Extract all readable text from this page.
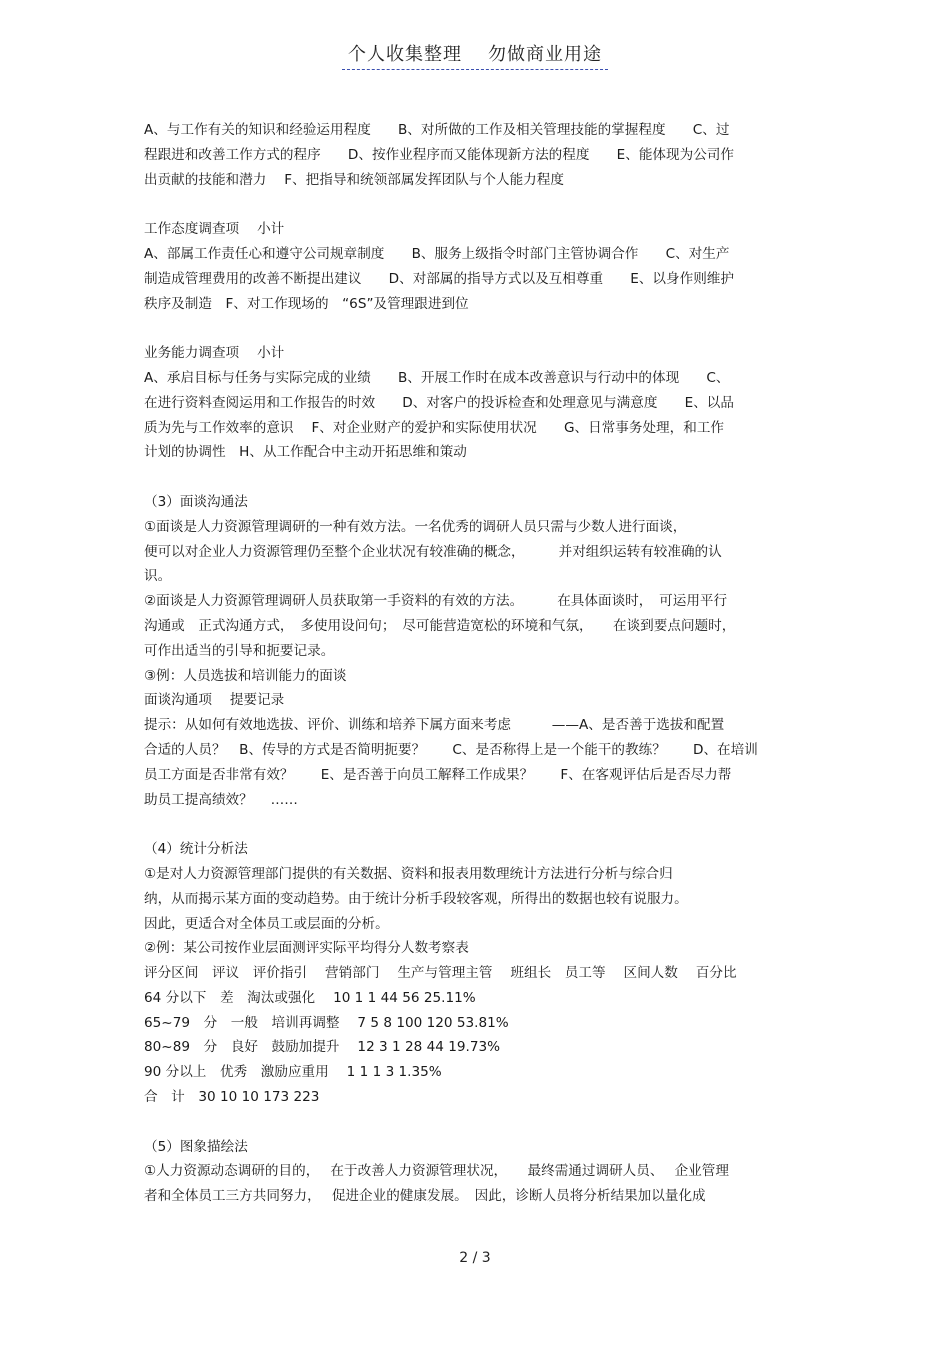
个人收集整理 勿做商业用途

A、与工作有关的知识和经验运用程度　　B、对所做的工作及相关管理技能的掌握程度　　C、过

程跟进和改善工作方式的程序　　D、按作业程序而又能体现新方法的程度　　E、能体现为公司作

出贡献的技能和潜力　 F、把指导和统领部属发挥团队与个人能力程度

工作态度调查项　 小计

A、部属工作责任心和遵守公司规章制度　　B、服务上级指令时部门主管协调合作　　C、对生产

制造成管理费用的改善不断提出建议　　D、对部属的指导方式以及互相尊重　　E、以身作则维护

秩序及制造　F、对工作现场的　“6S”及管理跟进到位

业务能力调查项　 小计

A、承启目标与任务与实际完成的业绩　　B、开展工作时在成本改善意识与行动中的体现　　C、

在进行资料查阅运用和工作报告的时效　　D、对客户的投诉检查和处理意见与满意度　　E、以品

质为先与工作效率的意识　 F、对企业财产的爱护和实际使用状况　　G、日常事务处理，和工作

计划的协调性　H、从工作配合中主动开拓思维和策动

（3）面谈沟通法

①面谈是人力资源管理调研的一种有效方法。一名优秀的调研人员只需与少数人进行面谈，

便可以对企业人力资源管理仍至整个企业状况有较准确的概念，　　　并对组织运转有较准确的认

识。

②面谈是人力资源管理调研人员获取第一手资料的有效的方法。　　　在具体面谈时，　可运用平行

沟通或　正式沟通方式，　多使用设问句；　尽可能营造宽松的环境和气氛，　　在谈到要点问题时，

可作出适当的引导和扼要记录。

③例：人员选拔和培训能力的面谈

面谈沟通项　 提要记录

提示：从如何有效地选拔、评价、训练和培养下属方面来考虑　　　——A、是否善于选拔和配置

合适的人员？　B、传导的方式是否简明扼要？　　C、是否称得上是一个能干的教练？　　D、在培训

员工方面是否非常有效？　　E、是否善于向员工解释工作成果？　　F、在客观评估后是否尽力帮

助员工提高绩效？　 ……

（4）统计分析法

①是对人力资源管理部门提供的有关数据、资料和报表用数理统计方法进行分析与综合归

纳，从而揭示某方面的变动趋势。由于统计分析手段较客观，所得出的数据也较有说服力。

因此，更适合对全体员工或层面的分析。

②例：某公司按作业层面测评实际平均得分人数考察表

评分区间　评议　评价指引　 营销部门　 生产与管理主管　 班组长　员工等　 区间人数　 百分比

64 分以下　差　淘汰或强化　 10 1 1 44 56 25.11%

65~79　分　一般　培训再调整　 7 5 8 100 120 53.81%

80~89　分　良好　鼓励加提升　 12 3 1 28 44 19.73%

90 分以上　优秀　激励应重用　 1 1 1 3 1.35%

合　计　30 10 10 173 223

（5）图象描绘法

①人力资源动态调研的目的，　 在于改善人力资源管理状况，　　最终需通过调研人员、　 企业管理

者和全体员工三方共同努力，　 促进企业的健康发展。　因此，诊断人员将分析结果加以量化成

2 / 3
